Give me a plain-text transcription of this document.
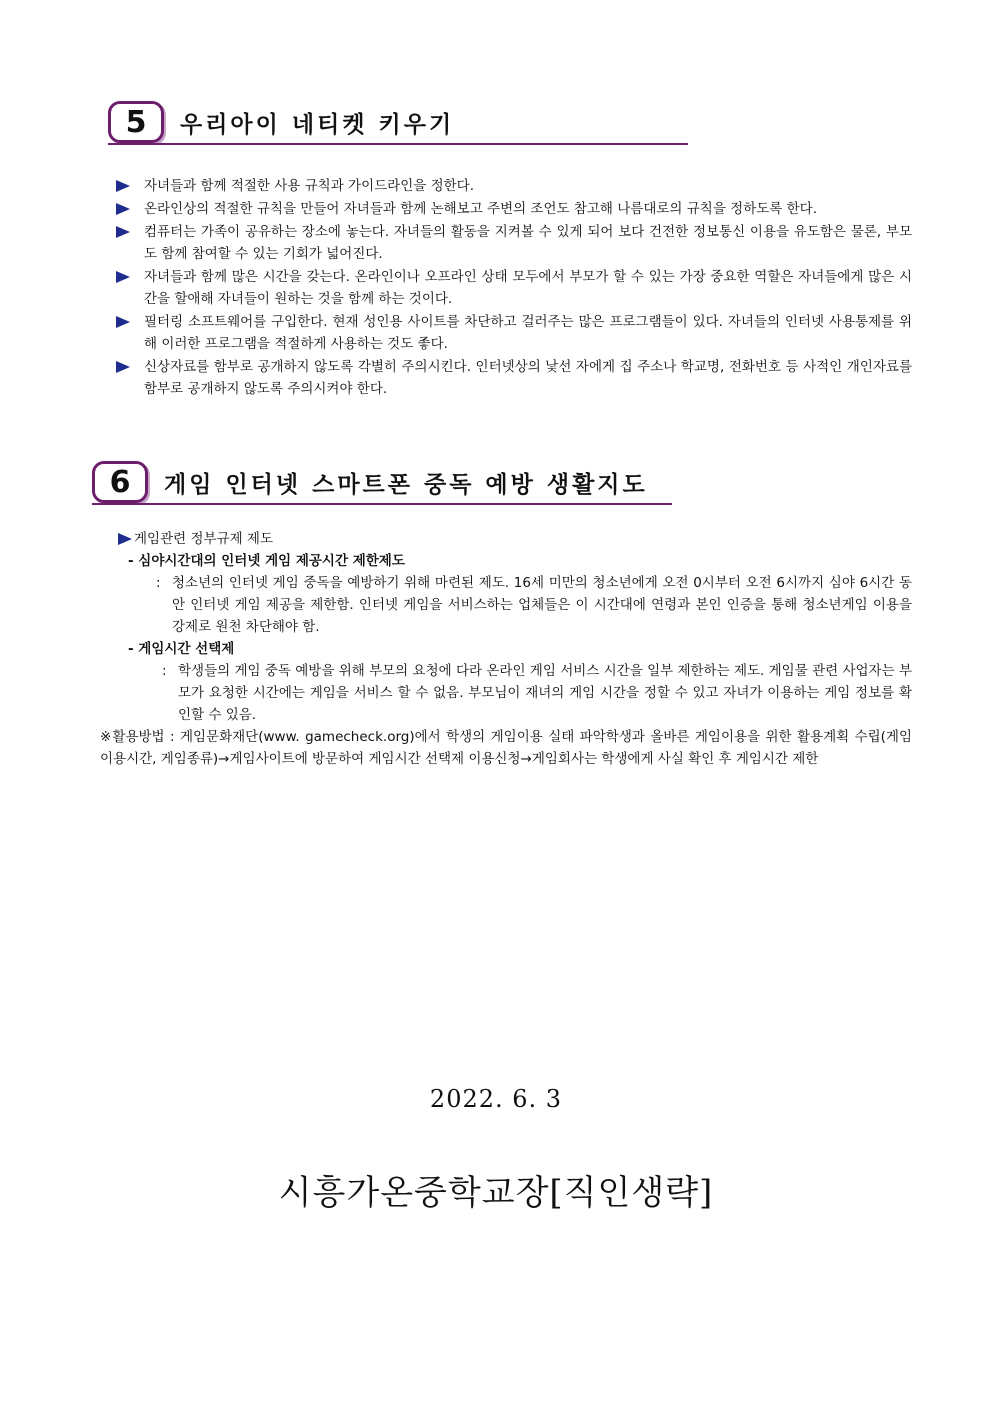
5 우리아이 네티켓 키우기
자녀들과 함께 적절한 사용 규칙과 가이드라인을 정한다.
온라인상의 적절한 규칙을 만들어 자녀들과 함께 논해보고 주변의 조언도 참고해 나름대로의 규칙을 정하도록 한다.
컴퓨터는 가족이 공유하는 장소에 놓는다. 자녀들의 활동을 지켜볼 수 있게 되어 보다 건전한 정보통신 이용을 유도함은 물론, 부모도 함께 참여할 수 있는 기회가 넓어진다.
자녀들과 함께 많은 시간을 갖는다. 온라인이나 오프라인 상태 모두에서 부모가 할 수 있는 가장 중요한 역할은 자녀들에게 많은 시간을 할애해 자녀들이 원하는 것을 함께 하는 것이다.
필터링 소프트웨어를 구입한다. 현재 성인용 사이트를 차단하고 걸러주는 많은 프로그램들이 있다. 자녀들의 인터넷 사용통제를 위해 이러한 프로그램을 적절하게 사용하는 것도 좋다.
신상자료를 함부로 공개하지 않도록 각별히 주의시킨다. 인터넷상의 낯선 자에게 집 주소나 학교명, 전화번호 등 사적인 개인자료를 함부로 공개하지 않도록 주의시켜야 한다.
6 게임 인터넷 스마트폰 중독 예방 생활지도
게임관련 정부규제 제도
- 심야시간대의 인터넷 게임 제공시간 제한제도
: 청소년의 인터넷 게임 중독을 예방하기 위해 마련된 제도. 16세 미만의 청소년에게 오전 0시부터 오전 6시까지 심야 6시간 동안 인터넷 게임 제공을 제한함. 인터넷 게임을 서비스하는 업체들은 이 시간대에 연령과 본인 인증을 통해 청소년게임 이용을 강제로 원천 차단해야 함.
- 게임시간 선택제
: 학생들의 게임 중독 예방을 위해 부모의 요청에 다라 온라인 게임 서비스 시간을 일부 제한하는 제도. 게임물 관련 사업자는 부모가 요청한 시간에는 게임을 서비스 할 수 없음. 부모님이 재녀의 게임 시간을 정할 수 있고 자녀가 이용하는 게임 정보를 확인할 수 있음.
※활용방법 : 게임문화재단(www. gamecheck.org)에서 학생의 게임이용 실태 파악학생과 올바른 게임이용을 위한 활용계획 수립(게임 이용시간, 게임종류)→게임사이트에 방문하여 게임시간 선택제 이용신청→게임회사는 학생에게 사실 확인 후 게임시간 제한
2022. 6. 3
시흥가온중학교장[직인생략]
